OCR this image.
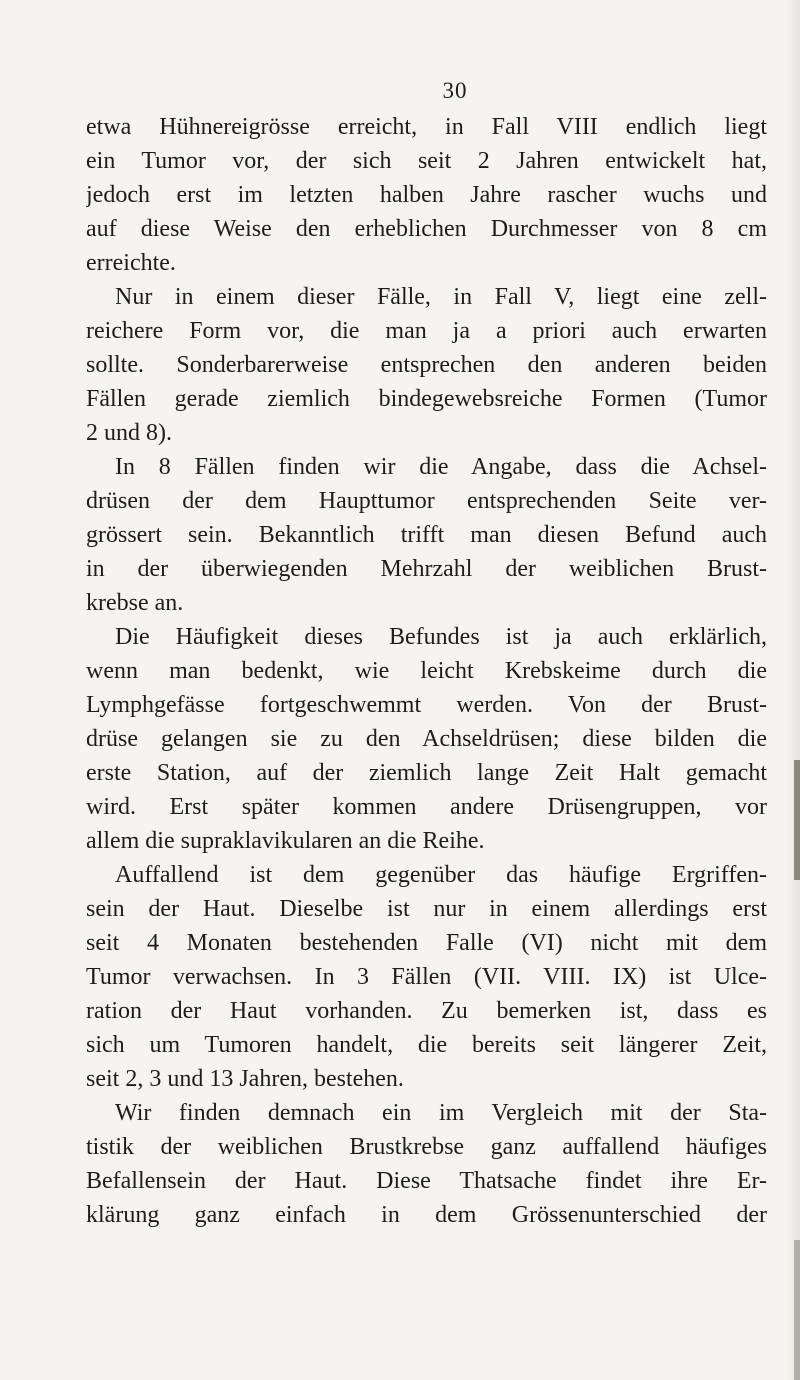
30
etwa Hühnereigrösse erreicht, in Fall VIII endlich liegt
ein Tumor vor, der sich seit 2 Jahren entwickelt hat,
jedoch erst im letzten halben Jahre rascher wuchs und
auf diese Weise den erheblichen Durchmesser von 8 cm
erreichte.
Nur in einem dieser Fälle, in Fall V, liegt eine zell-
reichere Form vor, die man ja a priori auch erwarten
sollte. Sonderbarerweise entsprechen den anderen beiden
Fällen gerade ziemlich bindegewebsreiche Formen (Tumor
2 und 8).
In 8 Fällen finden wir die Angabe, dass die Achsel-
drüsen der dem Haupttumor entsprechenden Seite ver-
grössert sein. Bekanntlich trifft man diesen Befund auch
in der überwiegenden Mehrzahl der weiblichen Brust-
krebse an.
Die Häufigkeit dieses Befundes ist ja auch erklärlich,
wenn man bedenkt, wie leicht Krebskeime durch die
Lymphgefässe fortgeschwemmt werden. Von der Brust-
drüse gelangen sie zu den Achseldrüsen; diese bilden die
erste Station, auf der ziemlich lange Zeit Halt gemacht
wird. Erst später kommen andere Drüsengruppen, vor
allem die supraklavikularen an die Reihe.
Auffallend ist dem gegenüber das häufige Ergriffen-
sein der Haut. Dieselbe ist nur in einem allerdings erst
seit 4 Monaten bestehenden Falle (VI) nicht mit dem
Tumor verwachsen. In 3 Fällen (VII. VIII. IX) ist Ulce-
ration der Haut vorhanden. Zu bemerken ist, dass es
sich um Tumoren handelt, die bereits seit längerer Zeit,
seit 2, 3 und 13 Jahren, bestehen.
Wir finden demnach ein im Vergleich mit der Sta-
tistik der weiblichen Brustkrebse ganz auffallend häufiges
Befallensein der Haut. Diese Thatsache findet ihre Er-
klärung ganz einfach in dem Grössenunterschied der
